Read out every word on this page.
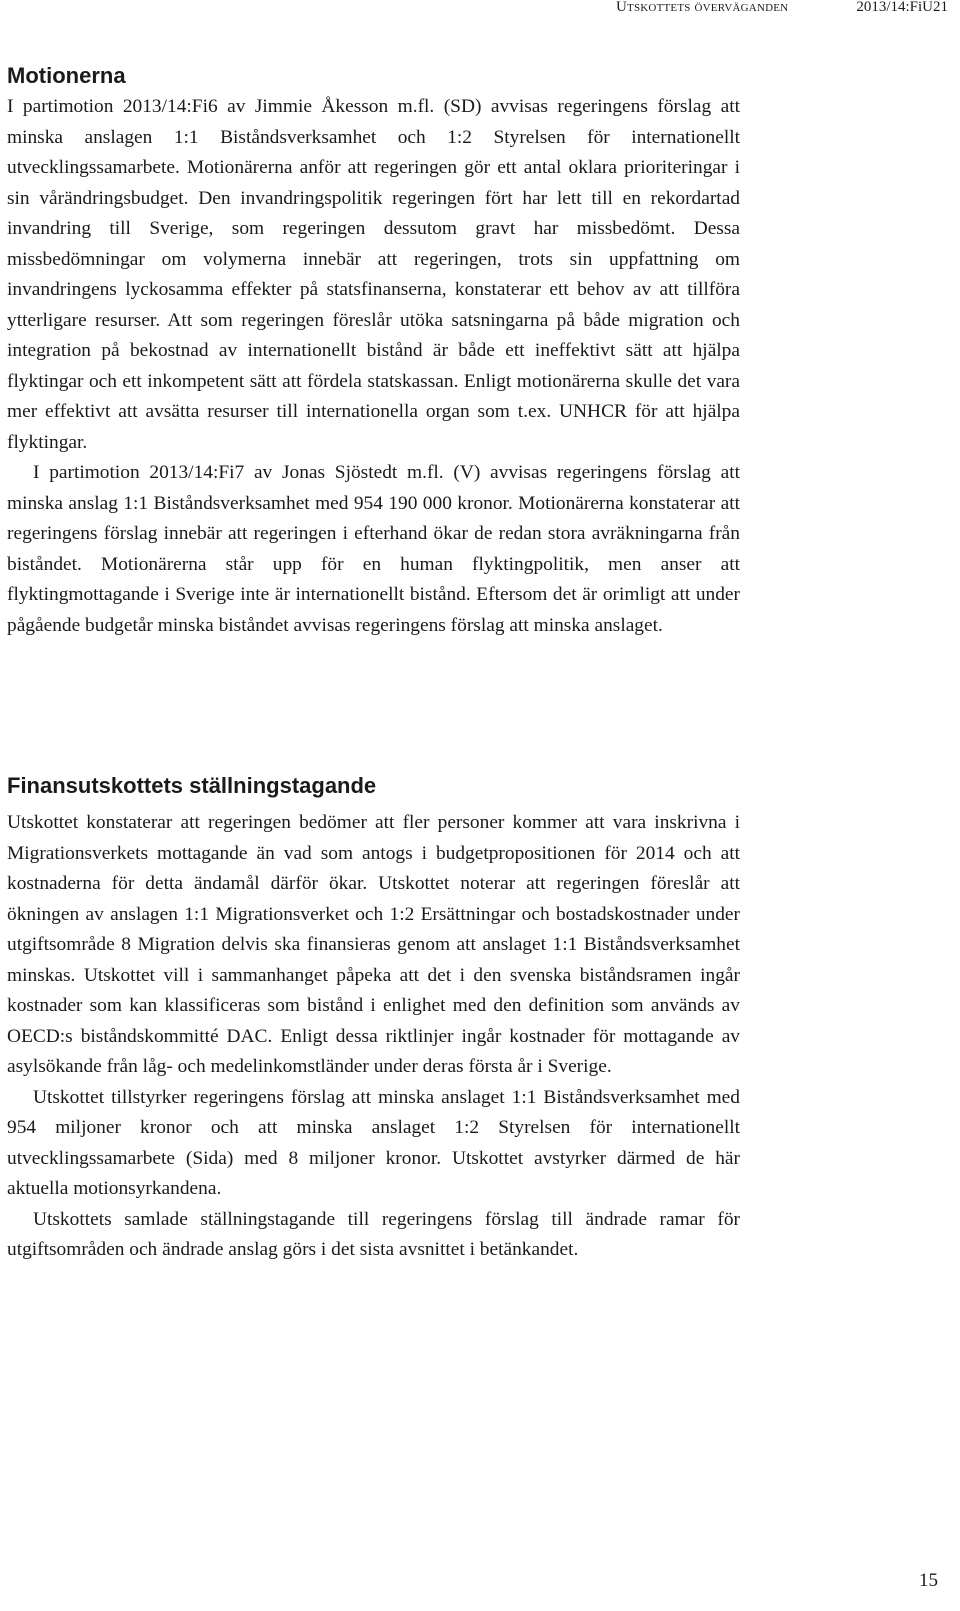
Utskottets överväganden	2013/14:FiU21
Motionerna

I partimotion 2013/14:Fi6 av Jimmie Åkesson m.fl. (SD) avvisas regeringens förslag att minska anslagen 1:1 Biståndsverksamhet och 1:2 Styrelsen för internationellt utvecklingssamarbete. Motionärerna anför att regeringen gör ett antal oklara prioriteringar i sin vårändringsbudget. Den invandringspolitik regeringen fört har lett till en rekordartad invandring till Sverige, som regeringen dessutom gravt har missbedömt. Dessa missbedömningar om volymerna innebär att regeringen, trots sin uppfattning om invandringens lyckosamma effekter på statsfinanserna, konstaterar ett behov av att tillföra ytterligare resurser. Att som regeringen föreslår utöka satsningarna på både migration och integration på bekostnad av internationellt bistånd är både ett ineffektivt sätt att hjälpa flyktingar och ett inkompetent sätt att fördela statskassan. Enligt motionärerna skulle det vara mer effektivt att avsätta resurser till internationella organ som t.ex. UNHCR för att hjälpa flyktingar.

I partimotion 2013/14:Fi7 av Jonas Sjöstedt m.fl. (V) avvisas regeringens förslag att minska anslag 1:1 Biståndsverksamhet med 954 190 000 kronor. Motionärerna konstaterar att regeringens förslag innebär att regeringen i efterhand ökar de redan stora avräkningarna från biståndet. Motionärerna står upp för en human flyktingpolitik, men anser att flyktingmottagande i Sverige inte är internationellt bistånd. Eftersom det är orimligt att under pågående budgetår minska biståndet avvisas regeringens förslag att minska anslaget.

Finansutskottets ställningstagande

Utskottet konstaterar att regeringen bedömer att fler personer kommer att vara inskrivna i Migrationsverkets mottagande än vad som antogs i budgetpropositionen för 2014 och att kostnaderna för detta ändamål därför ökar. Utskottet noterar att regeringen föreslår att ökningen av anslagen 1:1 Migrationsverket och 1:2 Ersättningar och bostadskostnader under utgiftsområde 8 Migration delvis ska finansieras genom att anslaget 1:1 Biståndsverksamhet minskas. Utskottet vill i sammanhanget påpeka att det i den svenska biståndsramen ingår kostnader som kan klassificeras som bistånd i enlighet med den definition som används av OECD:s biståndskommitté DAC. Enligt dessa riktlinjer ingår kostnader för mottagande av asylsökande från låg- och medelinkomstländer under deras första år i Sverige.

Utskottet tillstyrker regeringens förslag att minska anslaget 1:1 Biståndsverksamhet med 954 miljoner kronor och att minska anslaget 1:2 Styrelsen för internationellt utvecklingssamarbete (Sida) med 8 miljoner kronor. Utskottet avstyrker därmed de här aktuella motionsyrkandena.

Utskottets samlade ställningstagande till regeringens förslag till ändrade ramar för utgiftsområden och ändrade anslag görs i det sista avsnittet i betänkandet.

15
